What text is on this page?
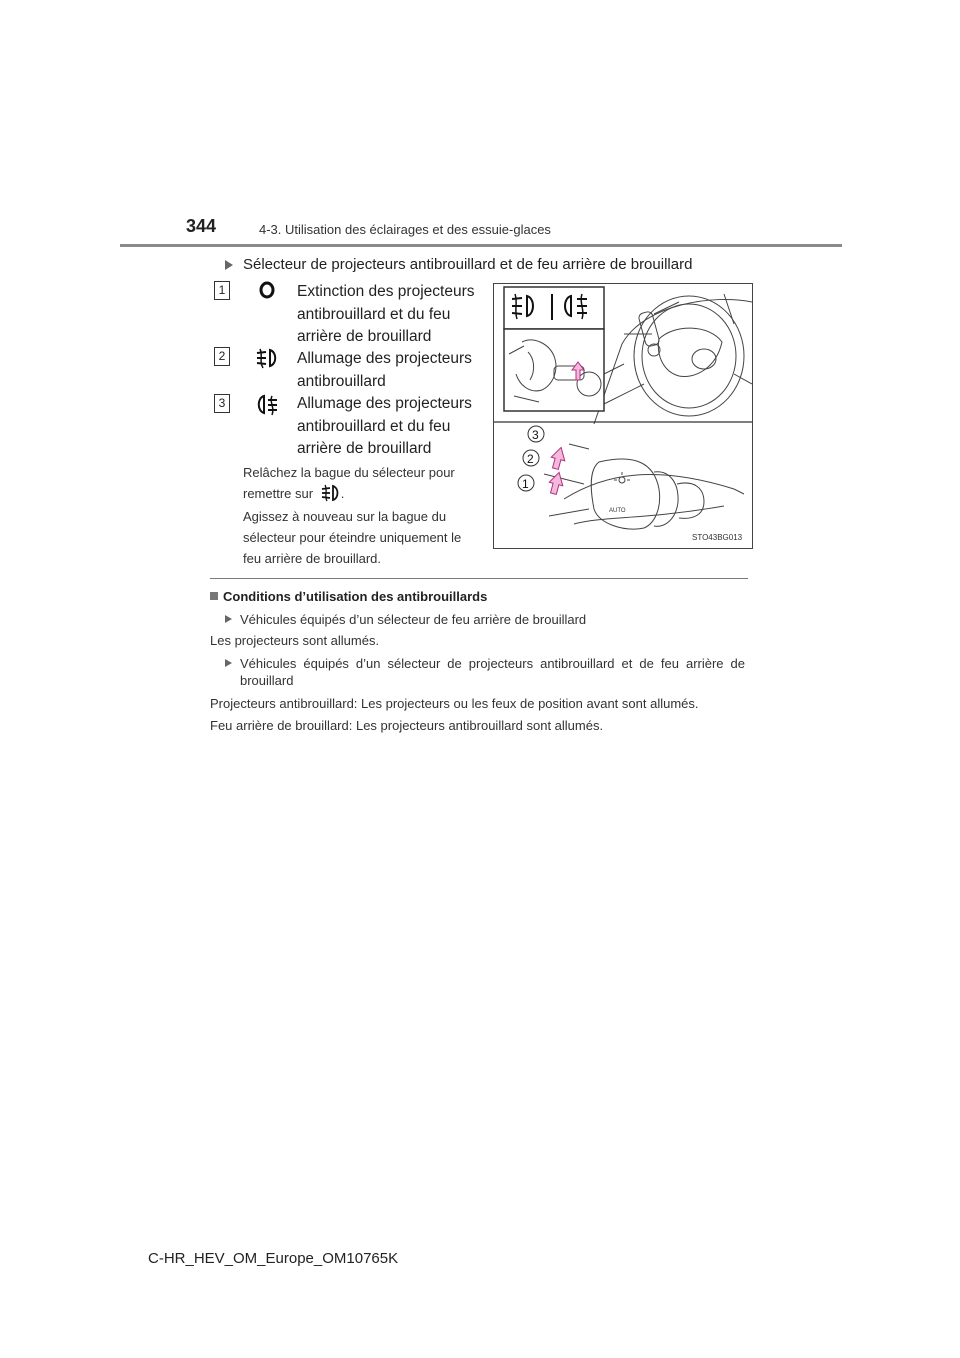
344	4-3. Utilisation des éclairages et des essuie-glaces
Sélecteur de projecteurs antibrouillard et de feu arrière de brouillard
1	Extinction des projecteurs
antibrouillard et du feu
arrière de brouillard
2	Allumage des projecteurs
antibrouillard
3	Allumage des projecteurs
antibrouillard et du feu
arrière de brouillard
Relâchez la bague du sélecteur pour
remettre sur .
Agissez à nouveau sur la bague du
sélecteur pour éteindre uniquement le
feu arrière de brouillard.
AUTO
1
2
3
STO43BG013
Conditions d’utilisation des antibrouillards
Véhicules équipés d’un sélecteur de feu arrière de brouillard
Les projecteurs sont allumés.
Véhicules équipés d’un sélecteur de projecteurs antibrouillard et de feu arrière de
brouillard
Projecteurs antibrouillard: Les projecteurs ou les feux de position avant sont allumés.
Feu arrière de brouillard: Les projecteurs antibrouillard sont allumés.
C-HR_HEV_OM_Europe_OM10765K
